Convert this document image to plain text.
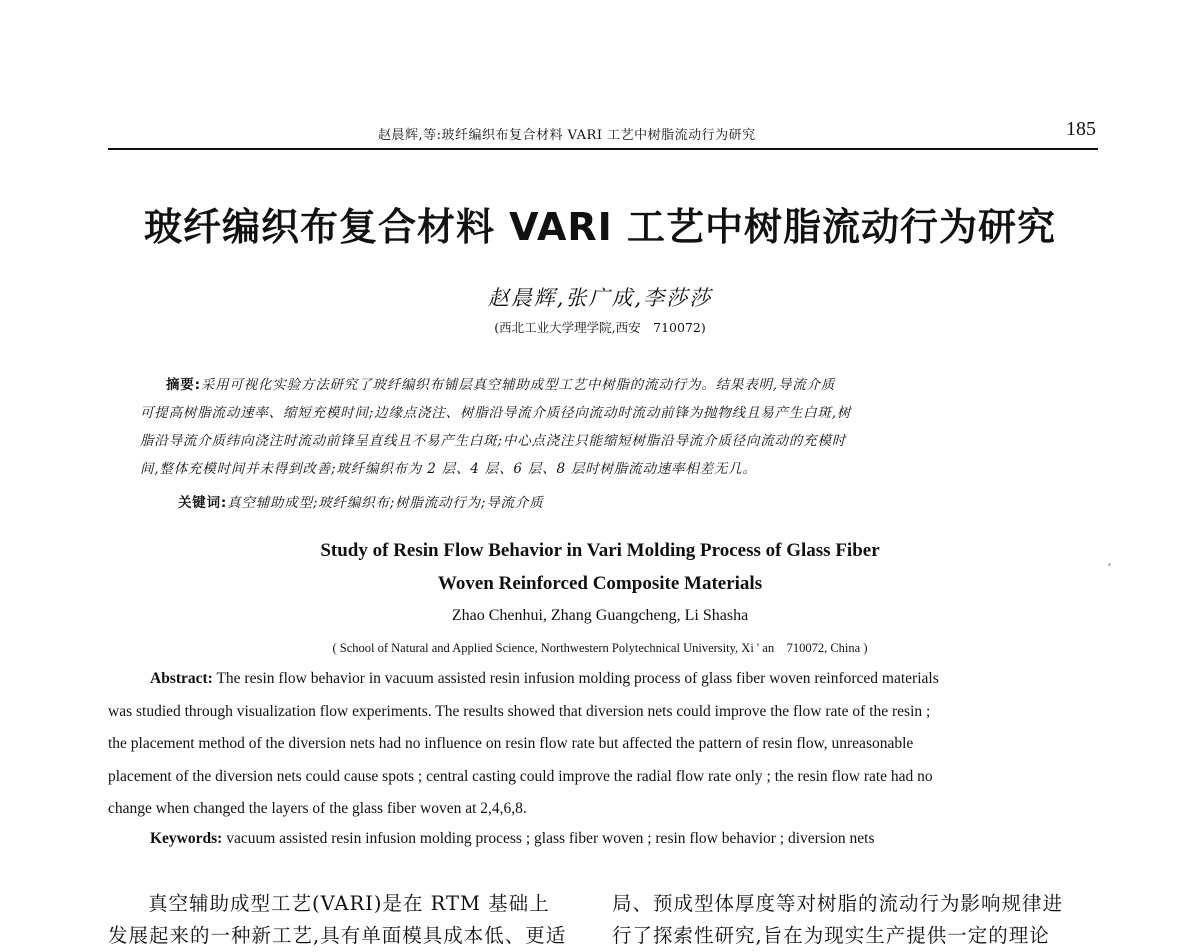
赵晨辉,等:玻纤编织布复合材料 VARI 工艺中树脂流动行为研究	185
玻纤编织布复合材料 VARI 工艺中树脂流动行为研究
赵晨辉,张广成,李莎莎
(西北工业大学理学院,西安　710072)
摘要:采用可视化实验方法研究了玻纤编织布铺层真空辅助成型工艺中树脂的流动行为。结果表明,导流介质
可提高树脂流动速率、缩短充模时间;边缘点浇注、树脂沿导流介质径向流动时流动前锋为抛物线且易产生白斑,树
脂沿导流介质纬向浇注时流动前锋呈直线且不易产生白斑;中心点浇注只能缩短树脂沿导流介质径向流动的充模时
间,整体充模时间并未得到改善;玻纤编织布为 2 层、4 层、6 层、8 层时树脂流动速率相差无几。
关键词:真空辅助成型;玻纤编织布;树脂流动行为;导流介质
Study of Resin Flow Behavior in Vari Molding Process of Glass Fiber
Woven Reinforced Composite Materials
Zhao Chenhui, Zhang Guangcheng, Li Shasha
( School of Natural and Applied Science, Northwestern Polytechnical University, Xi ' an　710072, China )
Abstract: The resin flow behavior in vacuum assisted resin infusion molding process of glass fiber woven reinforced materials
was studied through visualization flow experiments. The results showed that diversion nets could improve the flow rate of the resin ;
the placement method of the diversion nets had no influence on resin flow rate but affected the pattern of resin flow, unreasonable
placement of the diversion nets could cause spots ; central casting could improve the radial flow rate only ; the resin flow rate had no
change when changed the layers of the glass fiber woven at 2,4,6,8.
Keywords: vacuum assisted resin infusion molding process ; glass fiber woven ; resin flow behavior ; diversion nets
真空辅助成型工艺(VARI)是在 RTM 基础上
发展起来的一种新工艺,具有单面模具成本低、更适
局、预成型体厚度等对树脂的流动行为影响规律进
行了探索性研究,旨在为现实生产提供一定的理论
